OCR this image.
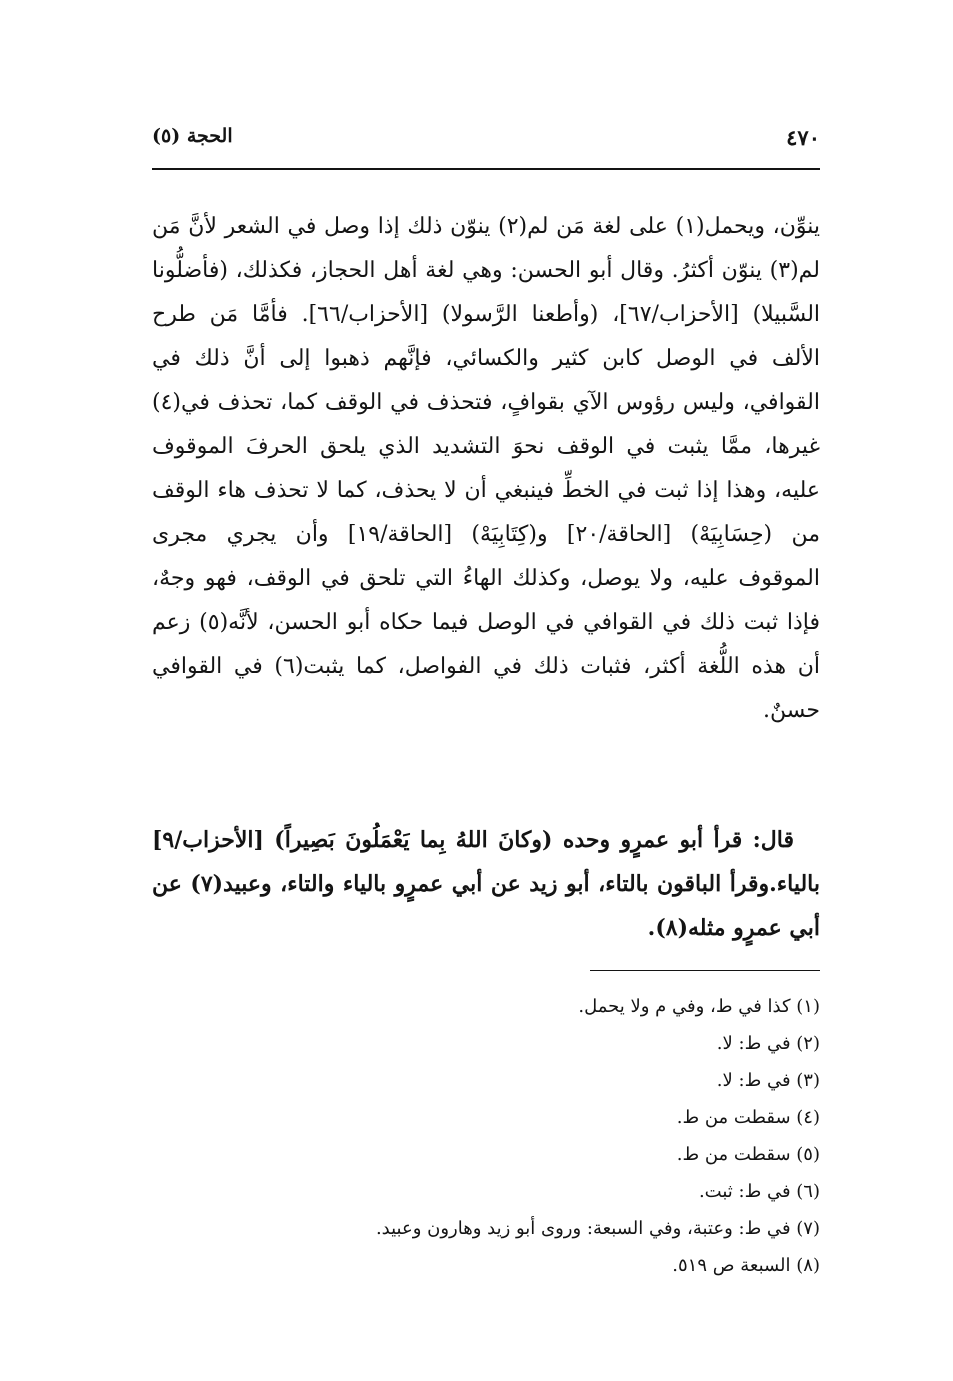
٤٧٠
الحجة (٥)

ينوِّن، ويحمل(١) على لغة مَن لم(٢) ينوّن ذلك إذا وصل في الشعر لأنَّ مَن لم(٣) ينوّن أكثرُ. وقال أبو الحسن: وهي لغة أهل الحجاز، فكذلك، (فأضلُّونا السَّبيلا) [الأحزاب/٦٧]، (وأطعنا الرَّسولا) [الأحزاب/٦٦]. فأمَّا مَن طرح الألف في الوصل كابن كثير والكسائي، فإنَّهم ذهبوا إلى أنَّ ذلك في القوافي، وليس رؤوس الآي بقوافٍ، فتحذف في الوقف كما، تحذف في(٤) غيرها، ممَّا يثبت في الوقف نحوَ التشديد الذي يلحق الحرفَ الموقوف عليه، وهذا إذا ثبت في الخطِّ فينبغي أن لا يحذف، كما لا تحذف هاء الوقف من (حِسَابِيَهْ) [الحاقة/٢٠] و(كِتَابِيَهْ) [الحاقة/١٩] وأن يجري مجرى الموقوف عليه، ولا يوصل، وكذلك الهاءُ التي تلحق في الوقف، فهو وجهٌ، فإذا ثبت ذلك في القوافي في الوصل فيما حكاه أبو الحسن، لأنَّه(٥) زعم أن هذه اللُّغة أكثر، فثبات ذلك في الفواصل، كما يثبت(٦) في القوافي حسنٌ.

قال: قرأ أبو عمرٍو وحده (وكانَ اللهُ بِما يَعْمَلُونَ بَصِيراً) [الأحزاب/٩] بالياء.وقرأ الباقون بالتاء، أبو زيد عن أبي عمرٍو بالياء والتاء، وعبيد(٧) عن أبي عمرٍو مثله(٨).

(١) كذا في ط، وفي م ولا يحمل.
(٢) في ط: لا.
(٣) في ط: لا.
(٤) سقطت من ط.
(٥) سقطت من ط.
(٦) في ط: ثبت.
(٧) في ط: وعتبة، وفي السبعة: وروى أبو زيد وهارون وعبيد.
(٨) السبعة ص ٥١٩.
